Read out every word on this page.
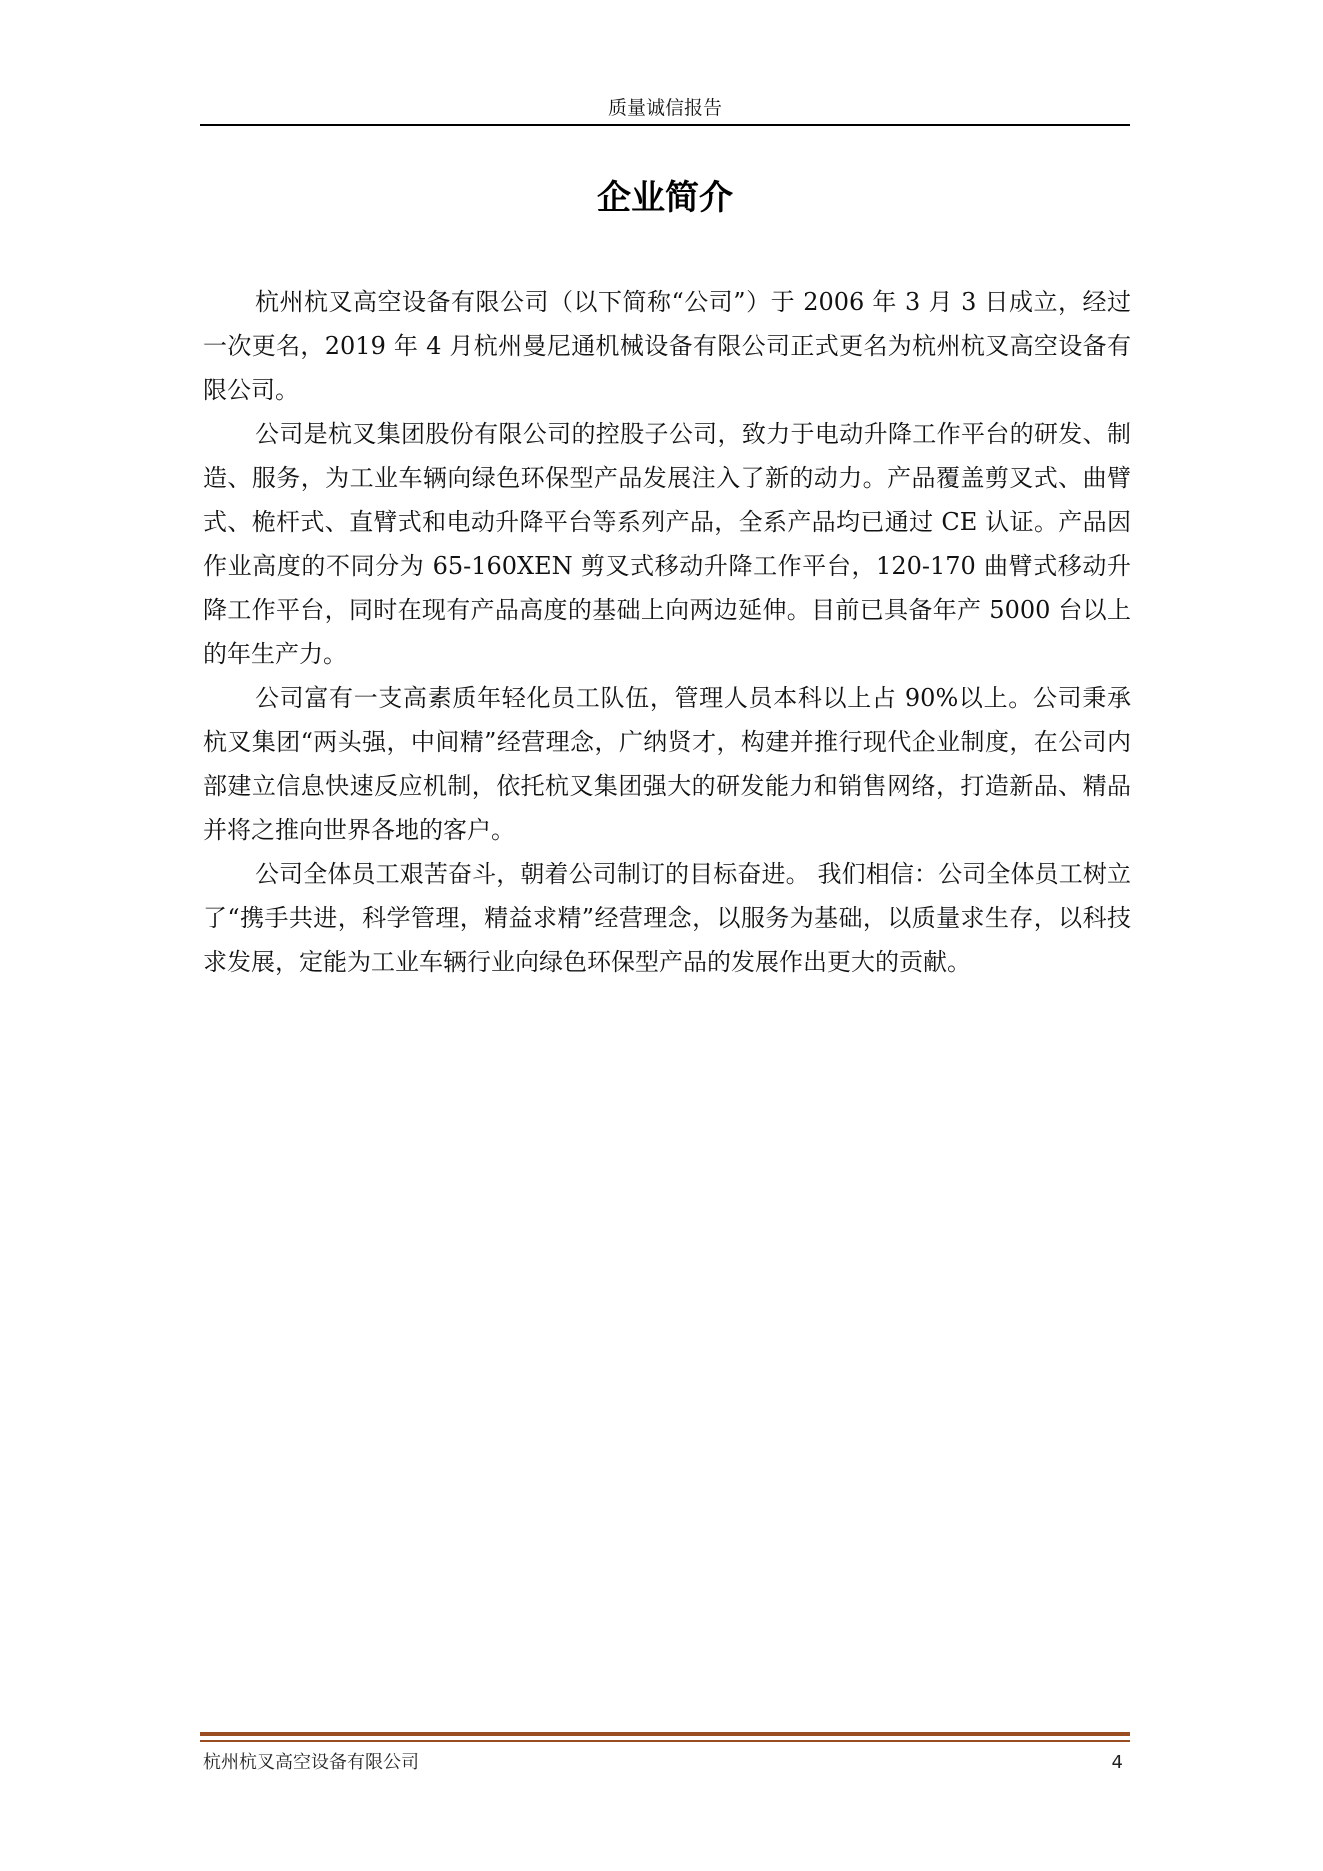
质量诚信报告
企业简介

杭州杭叉高空设备有限公司（以下简称“公司”）于 2006 年 3 月 3 日成立，经过一次更名，2019 年 4 月杭州曼尼通机械设备有限公司正式更名为杭州杭叉高空设备有限公司。

公司是杭叉集团股份有限公司的控股子公司，致力于电动升降工作平台的研发、制造、服务，为工业车辆向绿色环保型产品发展注入了新的动力。产品覆盖剪叉式、曲臂式、桅杆式、直臂式和电动升降平台等系列产品，全系产品均已通过 CE 认证。产品因作业高度的不同分为 65-160XEN 剪叉式移动升降工作平台，120-170 曲臂式移动升降工作平台，同时在现有产品高度的基础上向两边延伸。目前已具备年产 5000 台以上的年生产力。

公司富有一支高素质年轻化员工队伍，管理人员本科以上占 90%以上。公司秉承杭叉集团“两头强，中间精”经营理念，广纳贤才，构建并推行现代企业制度，在公司内部建立信息快速反应机制，依托杭叉集团强大的研发能力和销售网络，打造新品、精品并将之推向世界各地的客户。

公司全体员工艰苦奋斗，朝着公司制订的目标奋进。 我们相信：公司全体员工树立了“携手共进，科学管理，精益求精”经营理念，以服务为基础，以质量求生存，以科技求发展，定能为工业车辆行业向绿色环保型产品的发展作出更大的贡献。

杭州杭叉高空设备有限公司	4
